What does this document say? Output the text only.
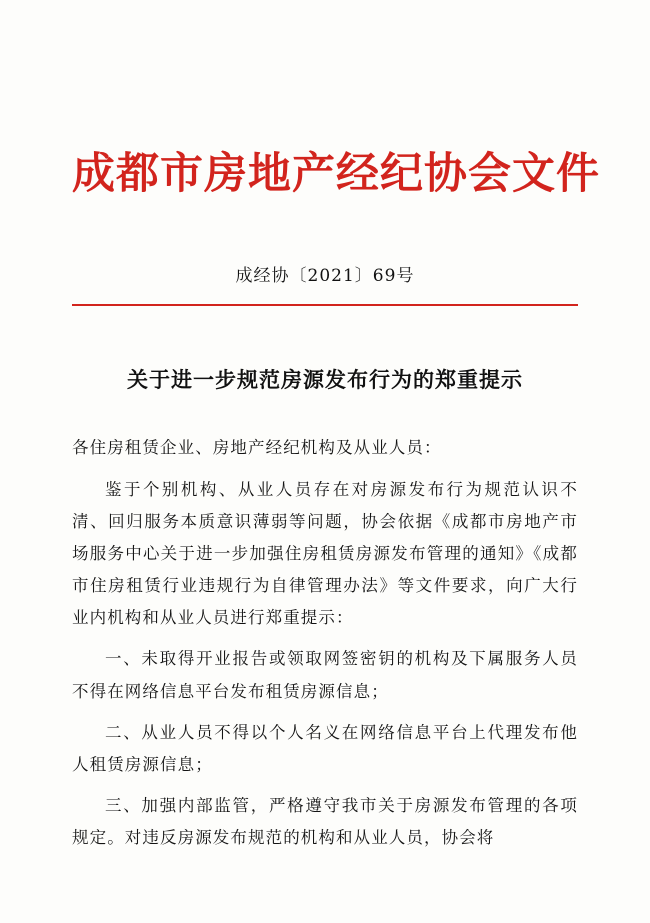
成都市房地产经纪协会文件
成经协〔2021〕69号
关于进一步规范房源发布行为的郑重提示

各住房租赁企业、房地产经纪机构及从业人员：

鉴于个别机构、从业人员存在对房源发布行为规范认识不清、回归服务本质意识薄弱等问题，协会依据《成都市房地产市场服务中心关于进一步加强住房租赁房源发布管理的通知》《成都市住房租赁行业违规行为自律管理办法》等文件要求，向广大行业内机构和从业人员进行郑重提示：

一、未取得开业报告或领取网签密钥的机构及下属服务人员不得在网络信息平台发布租赁房源信息；

二、从业人员不得以个人名义在网络信息平台上代理发布他人租赁房源信息；

三、加强内部监管，严格遵守我市关于房源发布管理的各项规定。对违反房源发布规范的机构和从业人员，协会将
